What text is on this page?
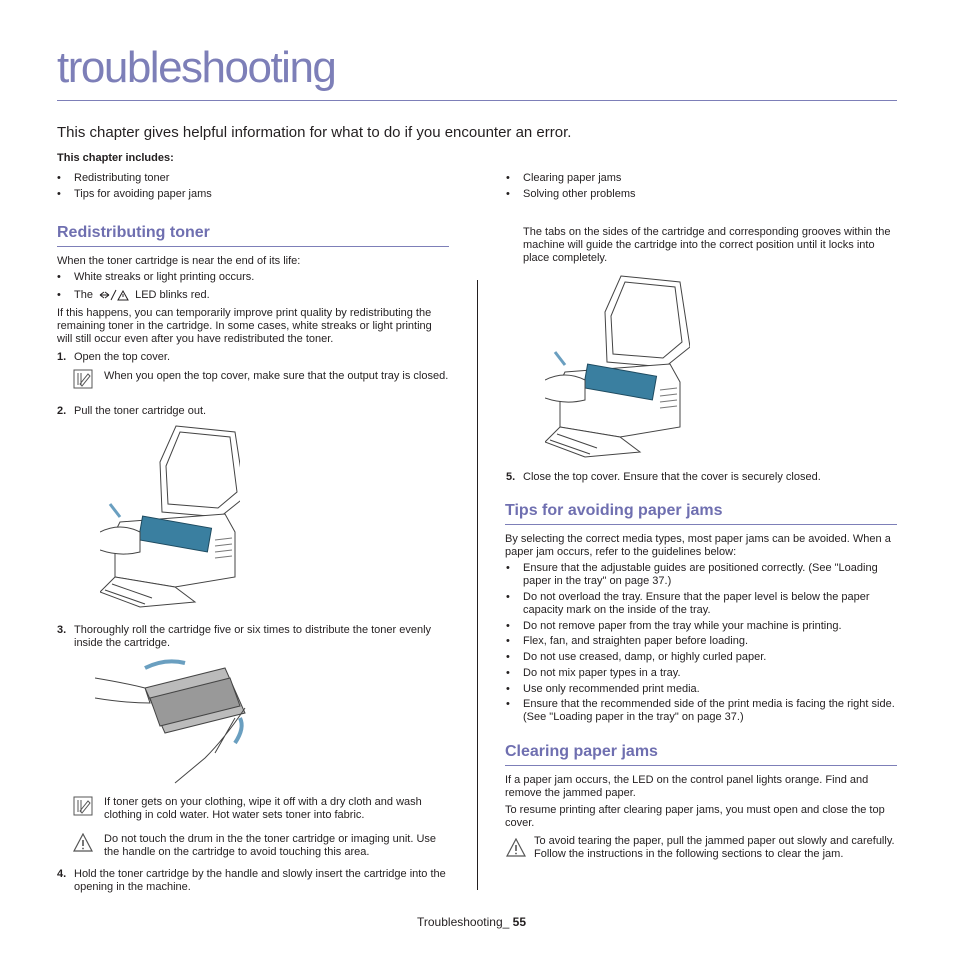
troubleshooting
This chapter gives helpful information for what to do if you encounter an error.
This chapter includes:
• Redistributing toner
• Tips for avoiding paper jams
• Clearing paper jams
• Solving other problems
Redistributing toner
When the toner cartridge is near the end of its life:
• White streaks or light printing occurs.
• The	LED blinks red.
If this happens, you can temporarily improve print quality by redistributing the remaining toner in the cartridge. In some cases, white streaks or light printing will still occur even after you have redistributed the toner.
1. Open the top cover.
When you open the top cover, make sure that the output tray is closed.
2. Pull the toner cartridge out.
3. Thoroughly roll the cartridge five or six times to distribute the toner evenly inside the cartridge.
If toner gets on your clothing, wipe it off with a dry cloth and wash clothing in cold water. Hot water sets toner into fabric.
Do not touch the drum in the the toner cartridge or imaging unit. Use the handle on the cartridge to avoid touching this area.
4. Hold the toner cartridge by the handle and slowly insert the cartridge into the opening in the machine.
The tabs on the sides of the cartridge and corresponding grooves within the machine will guide the cartridge into the correct position until it locks into place completely.
5. Close the top cover. Ensure that the cover is securely closed.
Tips for avoiding paper jams
By selecting the correct media types, most paper jams can be avoided. When a paper jam occurs, refer to the guidelines below:
• Ensure that the adjustable guides are positioned correctly. (See "Loading paper in the tray" on page 37.)
• Do not overload the tray. Ensure that the paper level is below the paper capacity mark on the inside of the tray.
• Do not remove paper from the tray while your machine is printing.
• Flex, fan, and straighten paper before loading.
• Do not use creased, damp, or highly curled paper.
• Do not mix paper types in a tray.
• Use only recommended print media.
• Ensure that the recommended side of the print media is facing the right side. (See "Loading paper in the tray" on page 37.)
Clearing paper jams
If a paper jam occurs, the LED on the control panel lights orange. Find and remove the jammed paper.
To resume printing after clearing paper jams, you must open and close the top cover.
To avoid tearing the paper, pull the jammed paper out slowly and carefully. Follow the instructions in the following sections to clear the jam.
Troubleshooting_ 55
